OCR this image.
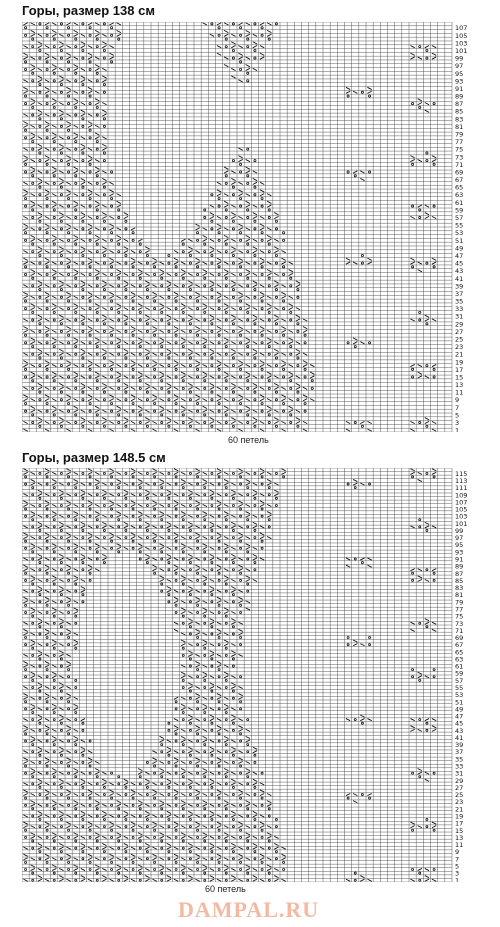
Горы, размер 138 см
1
3
5
7
9
11
13
15
17
19
21
23
25
27
29
31
33
35
37
39
41
43
45
47
49
51
53
55
57
59
61
63
65
67
69
71
73
75
77
79
81
83
85
87
89
91
93
95
97
99
101
103
105
107
60 петель
Горы, размер 148.5 см
1
3
5
7
9
11
13
15
17
19
21
23
25
27
29
31
33
35
37
39
41
43
45
47
49
51
53
55
57
59
61
63
65
67
69
71
73
75
77
79
81
83
85
87
89
91
93
95
97
99
101
103
105
107
109
111
113
115
60 петель
DAMPAL.RU
